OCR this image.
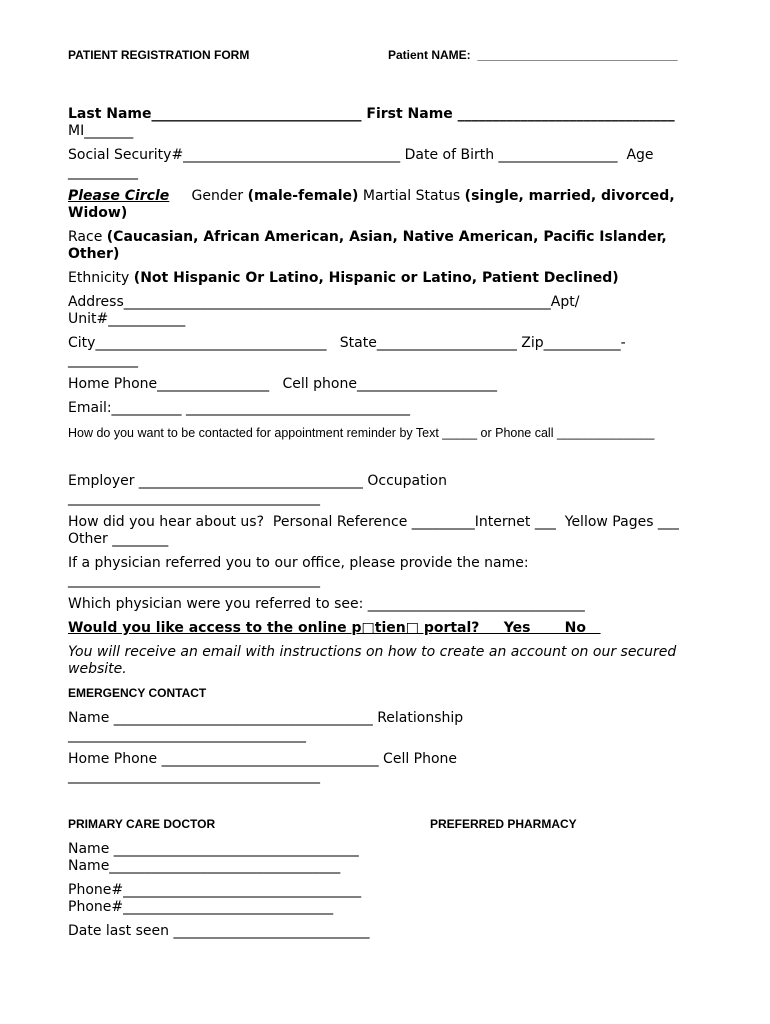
PATIENT REGISTRATION FORM	Patient NAME:  ______________________________
Last Name______________________________ First Name _______________________________
MI_______
Social Security#_______________________________ Date of Birth _________________  Age
__________
Please Circle     Gender (male-female) Martial Status (single, married, divorced,
Widow)
Race (Caucasian, African American, Asian, Native American, Pacific Islander,
Other)
Ethnicity (Not Hispanic Or Latino, Hispanic or Latino, Patient Declined)
Address_____________________________________________________________Apt/
Unit#___________
City_________________________________   State____________________ Zip___________-
__________
Home Phone________________   Cell phone____________________
Email:__________ ________________________________
How do you want to be contacted for appointment reminder by Text _____ or Phone call ______________
Employer ________________________________ Occupation
____________________________________
How did you hear about us?  Personal Reference _________Internet ___  Yellow Pages ___
Other ________
If a physician referred you to our office, please provide the name:
____________________________________
Which physician were you referred to see: _______________________________
Would you like access to the online p□tien□ portal?     Yes       No
You will receive an email with instructions on how to create an account on our secured
website.
EMERGENCY CONTACT
Name _____________________________________ Relationship
__________________________________
Home Phone _______________________________ Cell Phone
____________________________________
PRIMARY CARE DOCTOR	PREFERRED PHARMACY
Name ___________________________________
Name_________________________________
Phone#__________________________________
Phone#______________________________
Date last seen ____________________________
